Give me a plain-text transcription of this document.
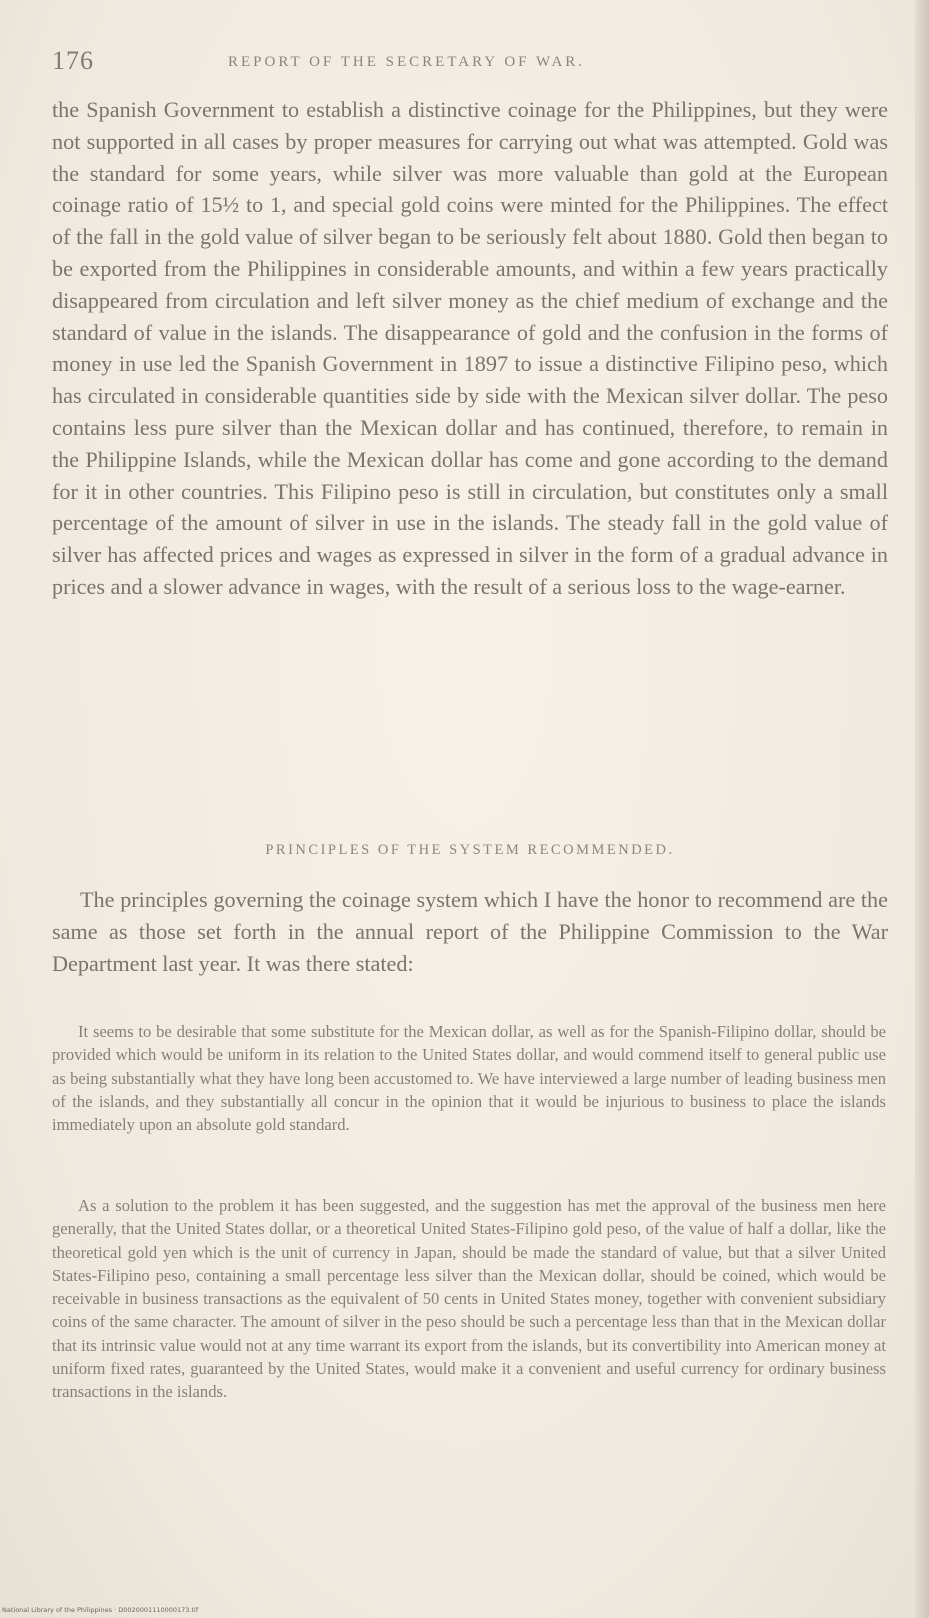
176	REPORT OF THE SECRETARY OF WAR.

the Spanish Government to establish a distinctive coinage for the Philippines, but they were not supported in all cases by proper measures for carrying out what was attempted. Gold was the standard for some years, while silver was more valuable than gold at the European coinage ratio of 15½ to 1, and special gold coins were minted for the Philippines. The effect of the fall in the gold value of silver began to be seriously felt about 1880. Gold then began to be exported from the Philippines in considerable amounts, and within a few years practically disappeared from circulation and left silver money as the chief medium of exchange and the standard of value in the islands. The disappearance of gold and the confusion in the forms of money in use led the Spanish Government in 1897 to issue a distinctive Filipino peso, which has circulated in considerable quantities side by side with the Mexican silver dollar. The peso contains less pure silver than the Mexican dollar and has continued, therefore, to remain in the Philippine Islands, while the Mexican dollar has come and gone according to the demand for it in other countries. This Filipino peso is still in circulation, but constitutes only a small percentage of the amount of silver in use in the islands. The steady fall in the gold value of silver has affected prices and wages as expressed in silver in the form of a gradual advance in prices and a slower advance in wages, with the result of a serious loss to the wage-earner.

PRINCIPLES OF THE SYSTEM RECOMMENDED.

The principles governing the coinage system which I have the honor to recommend are the same as those set forth in the annual report of the Philippine Commission to the War Department last year. It was there stated:

It seems to be desirable that some substitute for the Mexican dollar, as well as for the Spanish-Filipino dollar, should be provided which would be uniform in its relation to the United States dollar, and would commend itself to general public use as being substantially what they have long been accustomed to. We have interviewed a large number of leading business men of the islands, and they substantially all concur in the opinion that it would be injurious to business to place the islands immediately upon an absolute gold standard.

As a solution to the problem it has been suggested, and the suggestion has met the approval of the business men here generally, that the United States dollar, or a theoretical United States-Filipino gold peso, of the value of half a dollar, like the theoretical gold yen which is the unit of currency in Japan, should be made the standard of value, but that a silver United States-Filipino peso, containing a small percentage less silver than the Mexican dollar, should be coined, which would be receivable in business transactions as the equivalent of 50 cents in United States money, together with convenient subsidiary coins of the same character. The amount of silver in the peso should be such a percentage less than that in the Mexican dollar that its intrinsic value would not at any time warrant its export from the islands, but its convertibility into American money at uniform fixed rates, guaranteed by the United States, would make it a convenient and useful currency for ordinary business transactions in the islands.

National Library of the Philippines · D0020001110000173.tif
